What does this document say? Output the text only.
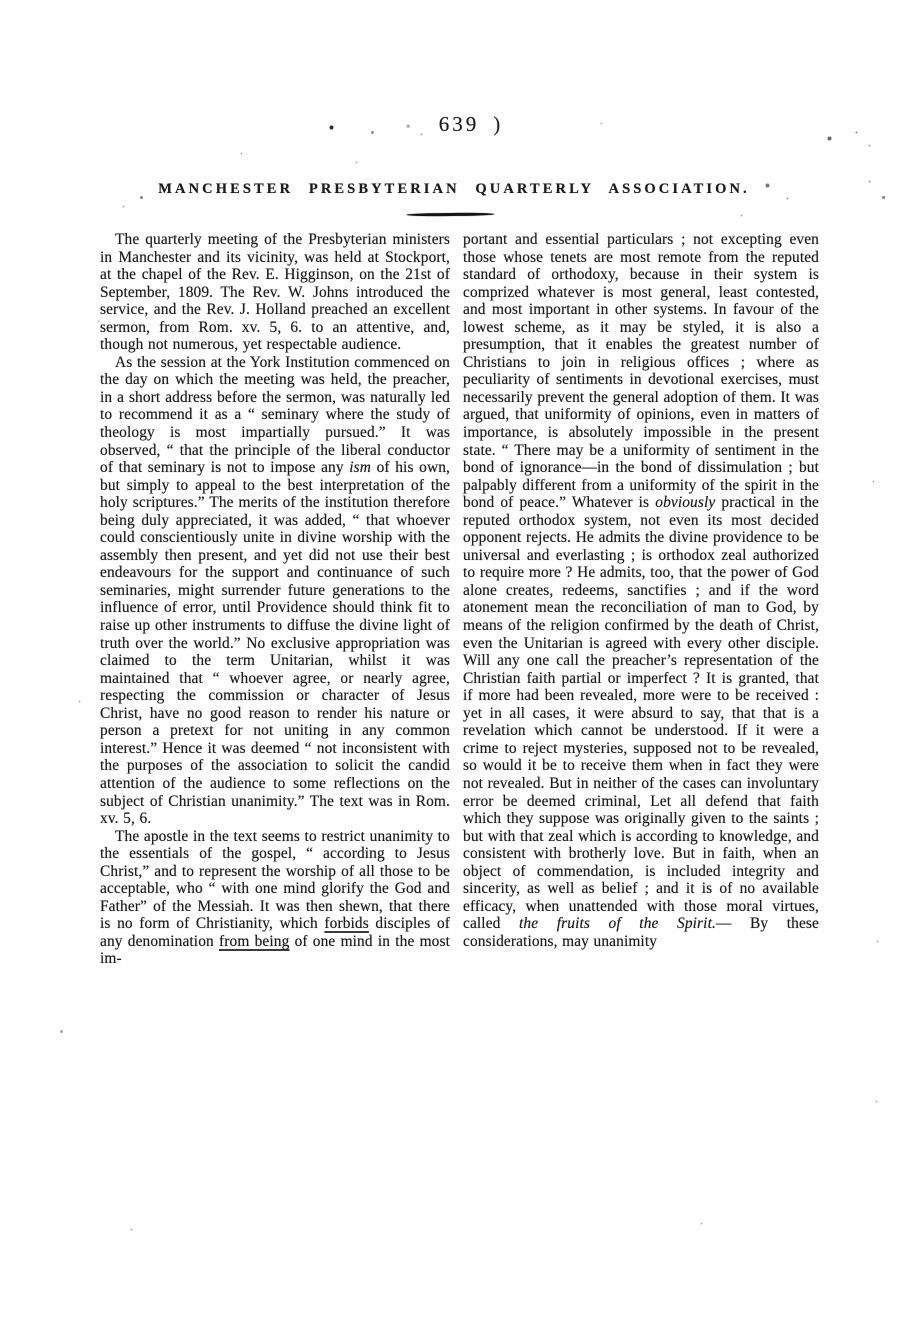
• 639 )
MANCHESTER PRESBYTERIAN QUARTERLY ASSOCIATION.

The quarterly meeting of the Presbyterian ministers in Manchester and its vicinity, was held at Stockport, at the chapel of the Rev. E. Higginson, on the 21st of September, 1809. The Rev. W. Johns introduced the service, and the Rev. J. Holland preached an excellent sermon, from Rom. xv. 5, 6. to an attentive, and, though not numerous, yet respectable audience.

As the session at the York Institution commenced on the day on which the meeting was held, the preacher, in a short address before the sermon, was naturally led to recommend it as a “ seminary where the study of theology is most impartially pursued.” It was observed, “ that the principle of the liberal conductor of that seminary is not to impose any ism of his own, but simply to appeal to the best interpretation of the holy scriptures.” The merits of the institution therefore being duly appreciated, it was added, “ that whoever could conscientiously unite in divine worship with the assembly then present, and yet did not use their best endeavours for the support and continuance of such seminaries, might surrender future generations to the influence of error, until Providence should think fit to raise up other instruments to diffuse the divine light of truth over the world.” No exclusive appropriation was claimed to the term Unitarian, whilst it was maintained that “ whoever agree, or nearly agree, respecting the commission or character of Jesus Christ, have no good reason to render his nature or person a pretext for not uniting in any common interest.” Hence it was deemed “ not inconsistent with the purposes of the association to solicit the candid attention of the audience to some reflections on the subject of Christian unanimity.” The text was in Rom. xv. 5, 6.

The apostle in the text seems to restrict unanimity to the essentials of the gospel, “ according to Jesus Christ,” and to represent the worship of all those to be acceptable, who “ with one mind glorify the God and Father” of the Messiah. It was then shewn, that there is no form of Christianity, which forbids disciples of any denomination from being of one mind in the most im-

portant and essential particulars ; not excepting even those whose tenets are most remote from the reputed standard of orthodoxy, because in their system is comprized whatever is most general, least contested, and most important in other systems. In favour of the lowest scheme, as it may be styled, it is also a presumption, that it enables the greatest number of Christians to join in religious offices ; where as peculiarity of sentiments in devotional exercises, must necessarily prevent the general adoption of them. It was argued, that uniformity of opinions, even in matters of importance, is absolutely impossible in the present state. “ There may be a uniformity of sentiment in the bond of ignorance—in the bond of dissimulation ; but palpably different from a uniformity of the spirit in the bond of peace.” Whatever is obviously practical in the reputed orthodox system, not even its most decided opponent rejects. He admits the divine providence to be universal and everlasting ; is orthodox zeal authorized to require more ? He admits, too, that the power of God alone creates, redeems, sanctifies ; and if the word atonement mean the reconciliation of man to God, by means of the religion confirmed by the death of Christ, even the Unitarian is agreed with every other disciple. Will any one call the preacher’s representation of the Christian faith partial or imperfect ? It is granted, that if more had been revealed, more were to be received : yet in all cases, it were absurd to say, that that is a revelation which cannot be understood. If it were a crime to reject mysteries, supposed not to be revealed, so would it be to receive them when in fact they were not revealed. But in neither of the cases can involuntary error be deemed criminal, Let all defend that faith which they suppose was originally given to the saints ; but with that zeal which is according to knowledge, and consistent with brotherly love. But in faith, when an object of commendation, is included integrity and sincerity, as well as belief ; and it is of no available efficacy, when unattended with those moral virtues, called the fruits of the Spirit.— By these considerations, may unanimity
